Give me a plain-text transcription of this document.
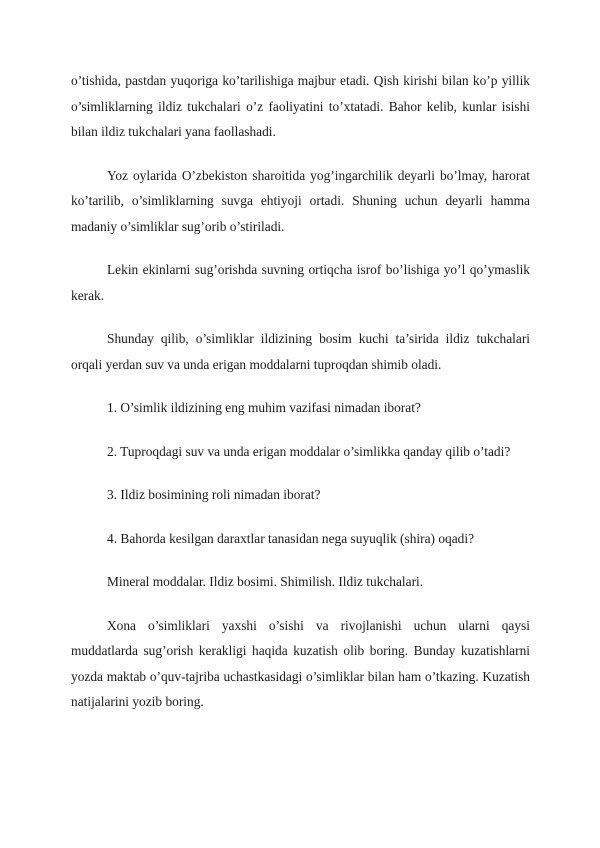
o’tishida, pastdan yuqoriga ko’tarilishiga majbur etadi. Qish kirishi bilan ko’p yillik o’simliklarning ildiz tukchalari o’z faoliyatini to’xtatadi. Bahor kelib, kunlar isishi bilan ildiz tukchalari yana faollashadi.

Yoz oylarida O’zbekiston sharoitida yog’ingarchilik deyarli bo’lmay, harorat ko’tarilib, o’simliklarning suvga ehtiyoji ortadi. Shuning uchun deyarli hamma madaniy o’simliklar sug’orib o’stiriladi.

Lekin ekinlarni sug’orishda suvning ortiqcha isrof bo’lishiga yo’l qo’ymaslik kerak.

Shunday qilib, o’simliklar ildizining bosim kuchi ta’sirida ildiz tukchalari orqali yerdan suv va unda erigan moddalarni tuproqdan shimib oladi.

1. O’simlik ildizining eng muhim vazifasi nimadan iborat?

2. Tuproqdagi suv va unda erigan moddalar o’simlikka qanday qilib o’tadi?

3. Ildiz bosimining roli nimadan iborat?

4. Bahorda kesilgan daraxtlar tanasidan nega suyuqlik (shira) oqadi?

Mineral moddalar. Ildiz bosimi. Shimilish. Ildiz tukchalari.

Xona o’simliklari yaxshi o’sishi va rivojlanishi uchun ularni qaysi muddatlarda sug’orish kerakligi haqida kuzatish olib boring. Bunday kuzatishlarni yozda maktab o’quv-tajriba uchastkasidagi o’simliklar bilan ham o’tkazing. Kuzatish natijalarini yozib boring.
